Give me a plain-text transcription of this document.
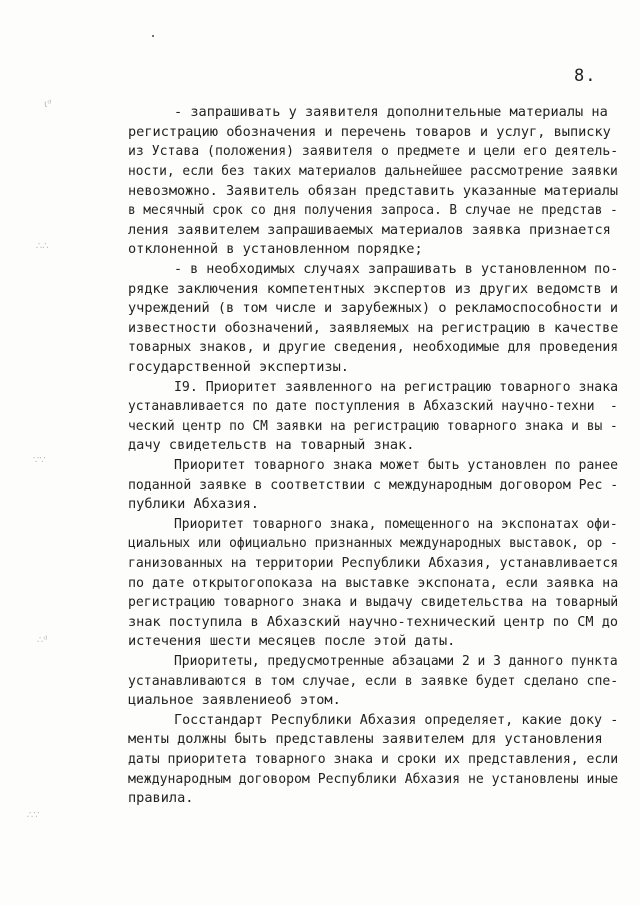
8.
ɩᵈ
∴∴
∵∵
∴ᵈ
∴∵
- запрашивать у заявителя дополнительные материалы на
регистрацию обозначения и перечень товаров и услуг, выписку
из Устава (положения) заявителя о предмете и цели его деятель-
ности, если без таких материалов дальнейшее рассмотрение заявки
невозможно. Заявитель обязан представить указанные материалы
в месячный срок со дня получения запроса. В случае не представ -
ления заявителем запрашиваемых материалов заявка признается
отклоненной в установленном порядке;
- в необходимых случаях запрашивать в установленном по-
рядке заключения компетентных экспертов из других ведомств и
учреждений (в том числе и зарубежных) о рекламоспособности и
известности обозначений, заявляемых на регистрацию в качестве
товарных знаков, и другие сведения, необходимые для проведения
государственной экспертизы.
I9. Приоритет заявленного на регистрацию товарного знака
устанавливается по дате поступления в Абхазский научно-техни  -
ческий центр по СМ заявки на регистрацию товарного знака и вы -
дачу свидетельств на товарный знак.
Приоритет товарного знака может быть установлен по ранее
поданной заявке в соответствии с международным договором Рес -
публики Абхазия.
Приоритет товарного знака, помещенного на экспонатах офи-
циальных или официально признанных международных выставок, ор -
ганизованных на территории Республики Абхазия, устанавливается
по дате открытогопоказа на выставке экспоната, если заявка на
регистрацию товарного знака и выдачу свидетельства на товарный
знак поступила в Абхазский научно-технический центр по СМ до
истечения шести месяцев после этой даты.
Приоритеты, предусмотренные абзацами 2 и 3 данного пункта
устанавливаются в том случае, если в заявке будет сделано спе-
циальное заявлениеоб этом.
Госстандарт Республики Абхазия определяет, какие доку -
менты должны быть представлены заявителем для установления
даты приоритета товарного знака и сроки их представления, если
международным договором Республики Абхазия не установлены иные
правила.
